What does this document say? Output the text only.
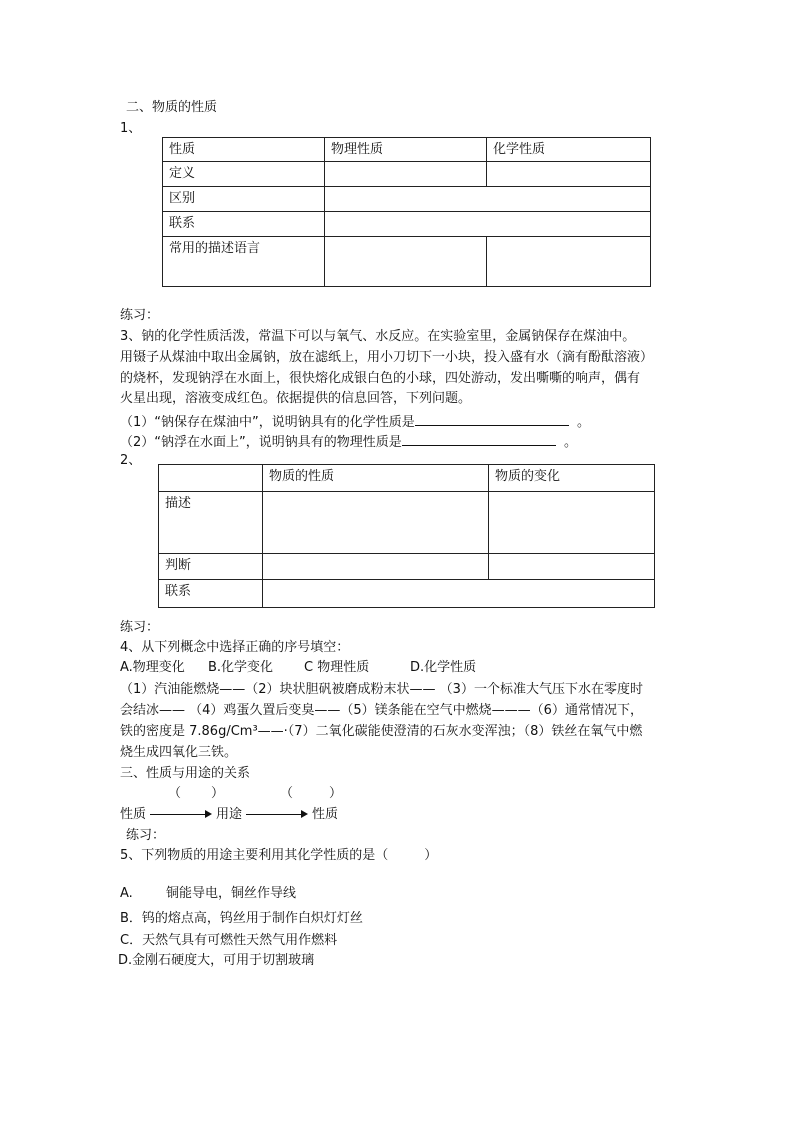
二、物质的性质
1、
性质	物理性质	化学性质
定义		
区别		
联系		
常用的描述语言		
练习：
3、钠的化学性质活泼，常温下可以与氧气、水反应。在实验室里，金属钠保存在煤油中。
用镊子从煤油中取出金属钠，放在滤纸上，用小刀切下一小块，投入盛有水（滴有酚酞溶液）
的烧杯，发现钠浮在水面上，很快熔化成银白色的小球，四处游动，发出嘶嘶的响声，偶有
火星出现，溶液变成红色。依据提供的信息回答，下列问题。
（1）“钠保存在煤油中”，说明钠具有的化学性质是	。
（2）“钠浮在水面上”，说明钠具有的物理性质是	。
2、
	物质的性质	物质的变化
描述		
判断		
联系		
练习：
4、从下列概念中选择正确的序号填空：
A.物理变化 B.化学变化 C 物理性质	D.化学性质
（1）汽油能燃烧——（2）块状胆矾被磨成粉末状—— （3）一个标准大气压下水在零度时
会结冰—— （4）鸡蛋久置后变臭——（5）镁条能在空气中燃烧———（6）通常情况下，
铁的密度是 7.86g/Cm³——·（7）二氧化碳能使澄清的石灰水变浑浊；（8）铁丝在氧气中燃
烧生成四氧化三铁。
三、性质与用途的关系
（ ）	（	）
性质	用途	性质
练习：
5、下列物质的用途主要利用其化学性质的是（	）
A.	铜能导电，铜丝作导线
B．钨的熔点高，钨丝用于制作白炽灯灯丝
C．天然气具有可燃性天然气用作燃料
D.金刚石硬度大，可用于切割玻璃
